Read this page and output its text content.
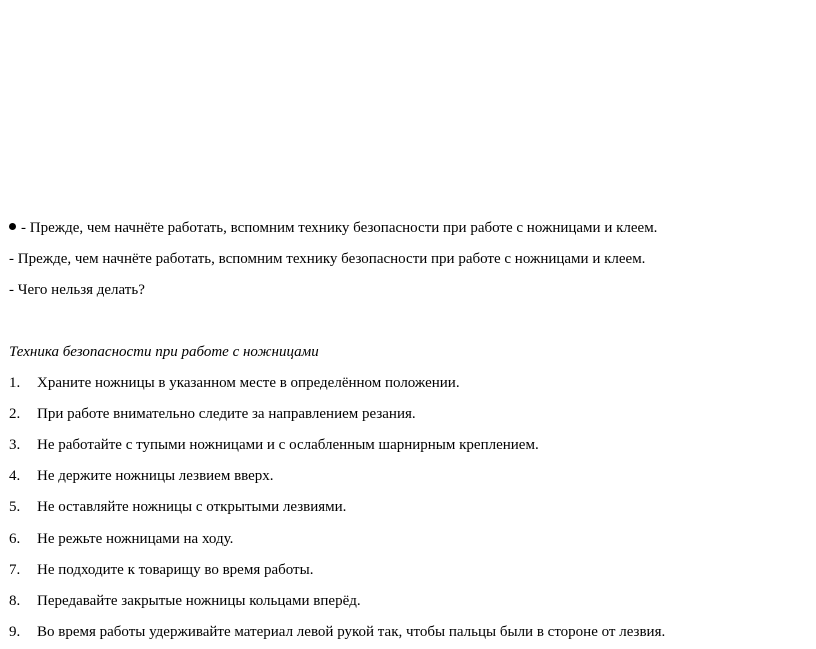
- Прежде, чем начнёте работать, вспомним технику безопасности при работе с ножницами и клеем.
- Прежде, чем начнёте работать, вспомним технику безопасности при работе с ножницами и клеем.
- Чего нельзя делать?
Техника безопасности при работе с ножницами
1. Храните ножницы в указанном месте в определённом положении.
2. При работе внимательно следите за направлением резания.
3. Не работайте с тупыми ножницами и с ослабленным шарнирным креплением.
4. Не держите ножницы лезвием вверх.
5. Не оставляйте ножницы с открытыми лезвиями.
6. Не режьте ножницами на ходу.
7. Не подходите к товарищу во время работы.
8. Передавайте закрытые ножницы кольцами вперёд.
9. Во время работы удерживайте материал левой рукой так, чтобы пальцы были в стороне от лезвия.
